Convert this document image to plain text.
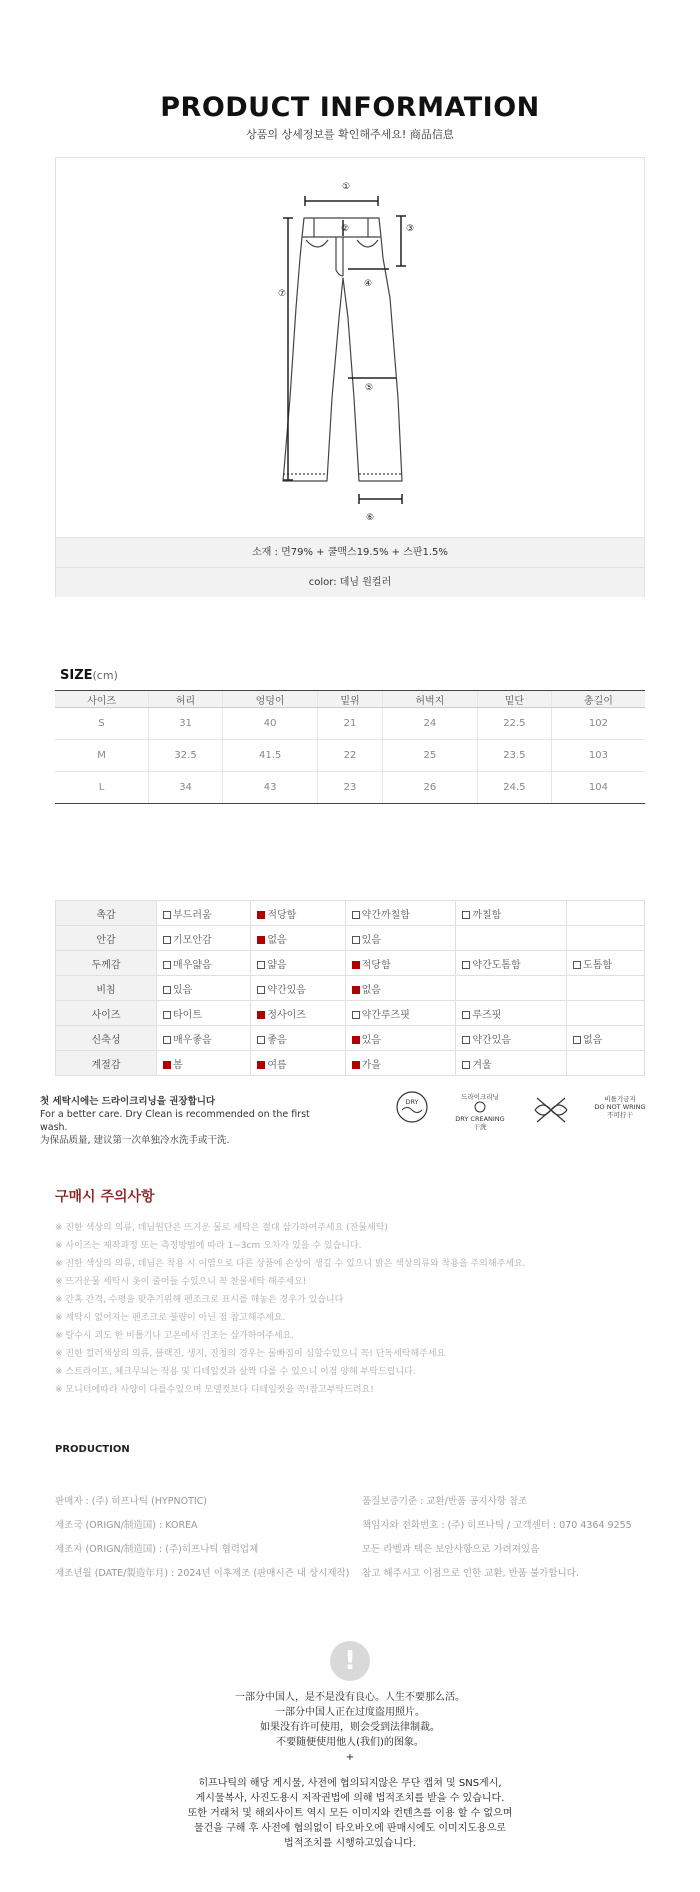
PRODUCT INFORMATION
상품의 상세정보를 확인해주세요! 商品信息
①
②	③
④
⑤
⑥
⑦
소재 : 면79% + 쿨맥스19.5% + 스판1.5%
color: 데님 원컬러
SIZE(cm)
사이즈	허리	엉덩이	밑위	허벅지	밑단	총길이
S	31	40	21	24	22.5	102
M	32.5	41.5	22	25	23.5	103
L	34	43	23	26	24.5	104
촉감	부드러움	적당함	약간까칠함	까칠함	
안감	기모안감	없음	있음		
두께감	매우얇음	얇음	적당함	약간도톰함	도톰함
비침	있음	약간있음	없음		
사이즈	타이트	정사이즈	약간루즈핏	루즈핏	
신축성	매우좋음	좋음	있음	약간있음	없음
계절감	봄	여름	가을	겨울	
첫 세탁시에는 드라이크리닝을 권장합니다
For a better care. Dry Clean is recommended on the first wash.
为保品质量, 建议第一次单独冷水洗手或干洗.
DRY
드라이크리닝
DRY CREANING
干洗
비틀기금지
DO NOT WRING
不可拧干
구매시 주의사항
※ 진한 색상의 의류, 데님원단은 뜨거운 물로 세탁은 절대 삼가하여주세요 (잔물세탁)
※ 사이즈는 제작과정 또는 측정방법에 따라 1~3cm 오차가 있을 수 있습니다.
※ 진한 색상의 의류, 데님은 착용 시 이염으로 다른 상품에 손상이 생길 수 있으니 밝은 색상의류와 착용을 주의해주세요.
※ 뜨거운물 세탁시 옷이 줄어들 수있으니 꼭 찬물세탁 해주세요!
※ 간혹 간격, 수평을 맞추기위해 펜조크로 표시를 해놓은 경우가 있습니다
※ 세탁시 없어지는 펜조크로 불량이 아닌 점 참고해주세요.
※ 탈수시 괴도 한 비틀기나 고온에서 건조는 삼가하여주세요.
※ 진한 컬러색상의 의류, 블랙진, 생지, 진청의 경우는 물빠짐이 심할수있으니 꼭! 단독세탁해주세요
※ 스트라이프, 체크무늬는 작용 및 디테일컷과 살짝 다를 수 있으니 이점 양해 부탁드립니다.
※ 모니터에따라 사양이 다를수있으며 모델컷보다 디테일컷을 꼭!참고부탁드려요!
PRODUCTION
판매자 : (주) 히프나틱 (HYPNOTIC)
제조국 (ORIGN/制造国) : KOREA
제조자 (ORIGN/制造国) : (주)히프나틱 협력업체
제조년월 (DATE/製造年月) : 2024년 이후제조 (판매시즌 내 상시제작)
품질보증기준 : 교환/반품 공지사항 참조
책임자와 전화번호 : (주) 히프나틱 / 고객센터 : 070 4364 9255
모든 라벨과 택은 보안사항으로 가려져있음
참고 해주시고 이점으로 인한 교환, 반품 불가합니다.
!
一部分中国人，是不是没有良心。人生不要那么活。
一部分中国人正在过度盗用照片。
如果没有许可使用，则会受到法律制裁。
不要随便使用他人(我们)的图象。
+
히프나틱의 해당 게시물, 사전에 협의되지않은 무단 캡쳐 및 SNS게시,
게시물복사, 사진도용시 저작권법에 의해 법적조치를 받을 수 있습니다.
또한 거래처 및 해외사이트 역시 모든 이미지와 컨텐츠를 이용 할 수 없으며
물건을 구해 후 사전에 협의없이 타오바오에 판매시에도 이미지도용으로
법적조치를 시행하고있습니다.
